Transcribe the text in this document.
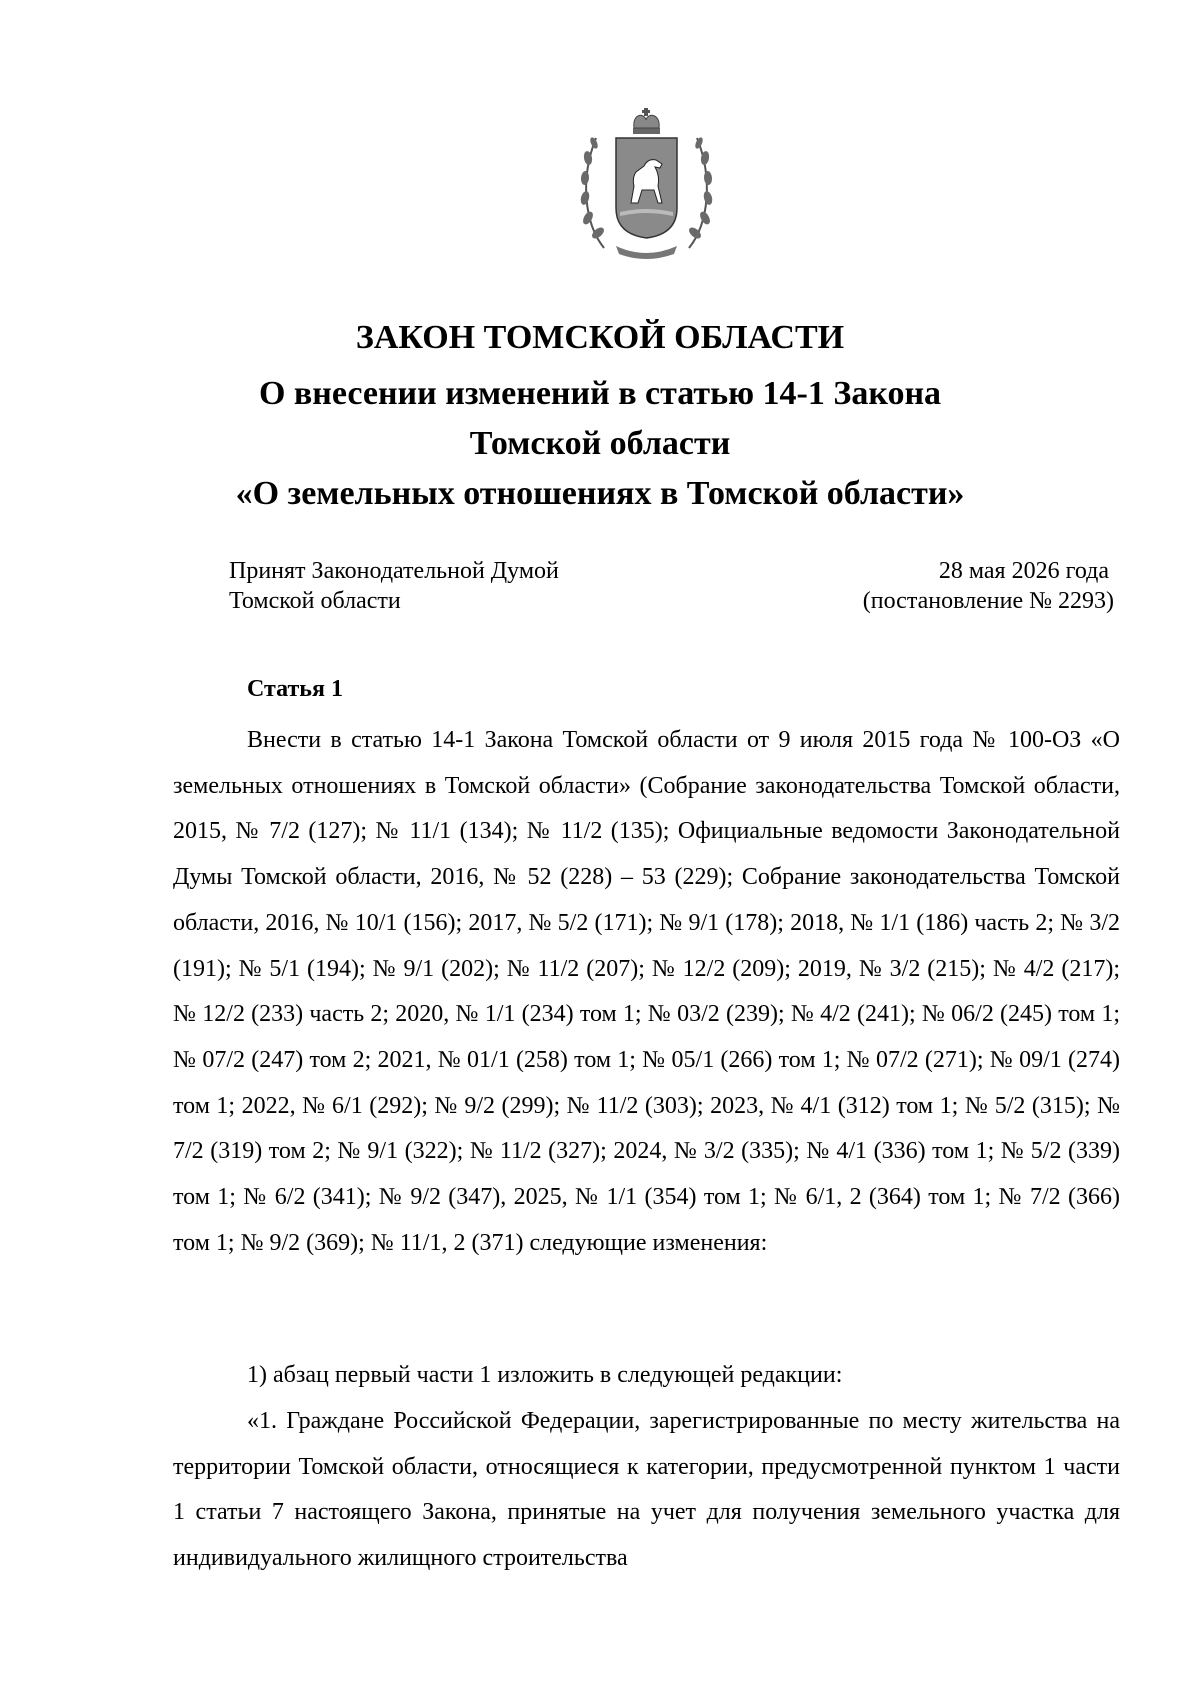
ЗАКОН ТОМСКОЙ ОБЛАСТИ
О внесении изменений в статью 14-1 Закона
Томской области
«О земельных отношениях в Томской области»
Принят Законодательной Думой
Томской области
28 мая 2026 года
(постановление № 2293)
Статья 1

Внести в статью 14-1 Закона Томской области от 9 июля 2015 года № 100-ОЗ «О земельных отношениях в Томской области» (Собрание законодательства Томской области, 2015, № 7/2 (127); № 11/1 (134); № 11/2 (135); Официальные ведомости Законодательной Думы Томской области, 2016, № 52 (228) – 53 (229); Собрание законодательства Томской области, 2016, № 10/1 (156); 2017, № 5/2 (171); № 9/1 (178); 2018, № 1/1 (186) часть 2; № 3/2 (191); № 5/1 (194); № 9/1 (202); № 11/2 (207); № 12/2 (209); 2019, № 3/2 (215); № 4/2 (217); № 12/2 (233) часть 2; 2020, № 1/1 (234) том 1; № 03/2 (239); № 4/2 (241); № 06/2 (245) том 1; № 07/2 (247) том 2; 2021, № 01/1 (258) том 1; № 05/1 (266) том 1; № 07/2 (271); № 09/1 (274) том 1; 2022, № 6/1 (292); № 9/2 (299); № 11/2 (303); 2023, № 4/1 (312) том 1; № 5/2 (315); № 7/2 (319) том 2; № 9/1 (322); № 11/2 (327); 2024, № 3/2 (335); № 4/1 (336) том 1; № 5/2 (339) том 1; № 6/2 (341); № 9/2 (347), 2025, № 1/1 (354) том 1; № 6/1, 2 (364) том 1; № 7/2 (366) том 1; № 9/2 (369); № 11/1, 2 (371) следующие изменения:

1) абзац первый части 1 изложить в следующей редакции:

«1. Граждане Российской Федерации, зарегистрированные по месту жительства на территории Томской области, относящиеся к категории, предусмотренной пунктом 1 части 1 статьи 7 настоящего Закона, принятые на учет для получения земельного участка для индивидуального жилищного строительства
